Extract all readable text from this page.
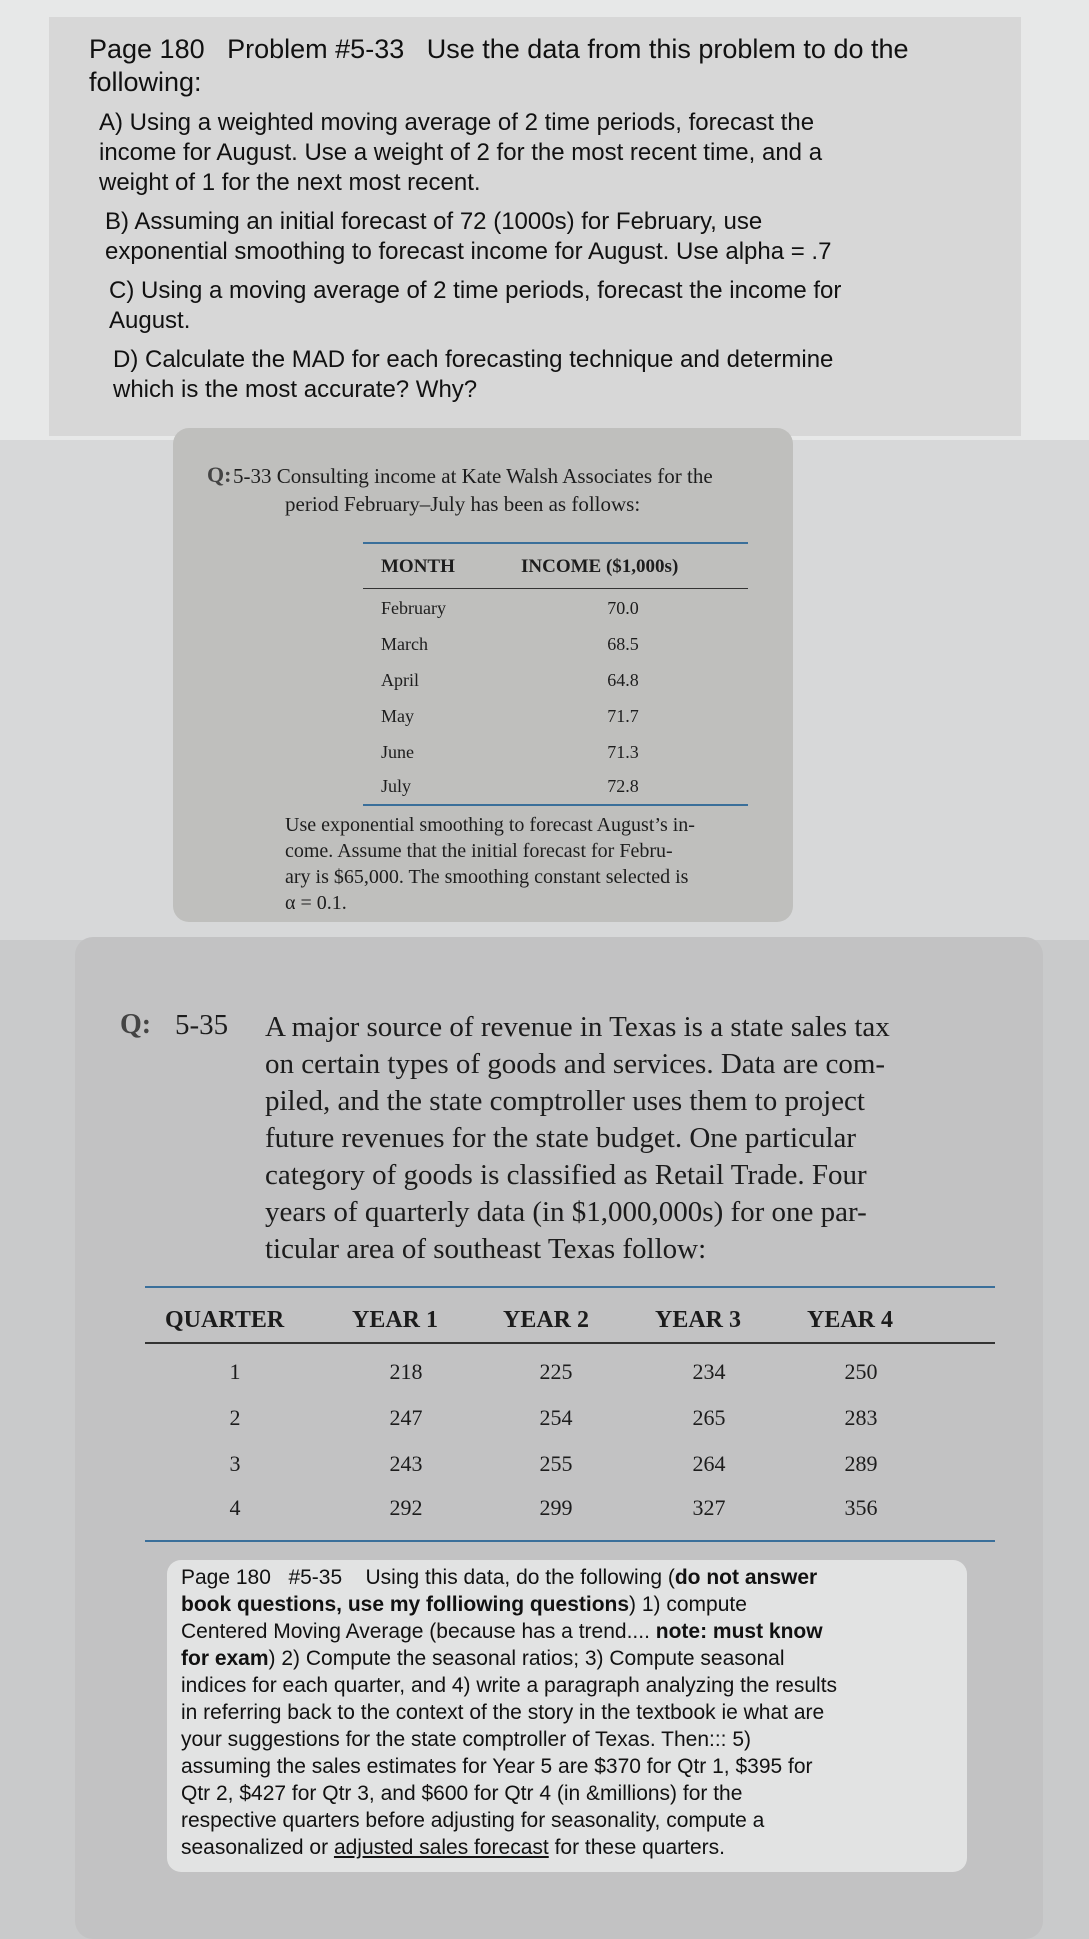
Page 180 Problem #5-33 Use the data from this problem to do the
following:
A) Using a weighted moving average of 2 time periods, forecast the
income for August. Use a weight of 2 for the most recent time, and a
weight of 1 for the next most recent.
B) Assuming an initial forecast of 72 (1000s) for February, use
exponential smoothing to forecast income for August. Use alpha = .7
C) Using a moving average of 2 time periods, forecast the income for
August.
D) Calculate the MAD for each forecasting technique and determine
which is the most accurate? Why?
Q: 5-33 Consulting income at Kate Walsh Associates for the
period February–July has been as follows:
MONTH	INCOME ($1,000s)
February	70.0
March	68.5
April	64.8
May	71.7
June	71.3
July	72.8
Use exponential smoothing to forecast August’s in-
come. Assume that the initial forecast for Febru-
ary is $65,000. The smoothing constant selected is
α = 0.1.
Q: 5-35 A major source of revenue in Texas is a state sales tax
on certain types of goods and services. Data are com-
piled, and the state comptroller uses them to project
future revenues for the state budget. One particular
category of goods is classified as Retail Trade. Four
years of quarterly data (in $1,000,000s) for one par-
ticular area of southeast Texas follow:
QUARTER	YEAR 1	YEAR 2	YEAR 3	YEAR 4
1	218	225	234	250
2	247	254	265	283
3	243	255	264	289
4	292	299	327	356

Page 180 #5-35 Using this data, do the following (do not answer

book questions, use my folliowing questions) 1) compute

Centered Moving Average (because has a trend.... note: must know

for exam) 2) Compute the seasonal ratios; 3) Compute seasonal

indices for each quarter, and 4) write a paragraph analyzing the results

in referring back to the context of the story in the textbook ie what are

your suggestions for the state comptroller of Texas. Then::: 5)

assuming the sales estimates for Year 5 are $370 for Qtr 1, $395 for

Qtr 2, $427 for Qtr 3, and $600 for Qtr 4 (in &millions) for the

respective quarters before adjusting for seasonality, compute a

seasonalized or adjusted sales forecast for these quarters.
